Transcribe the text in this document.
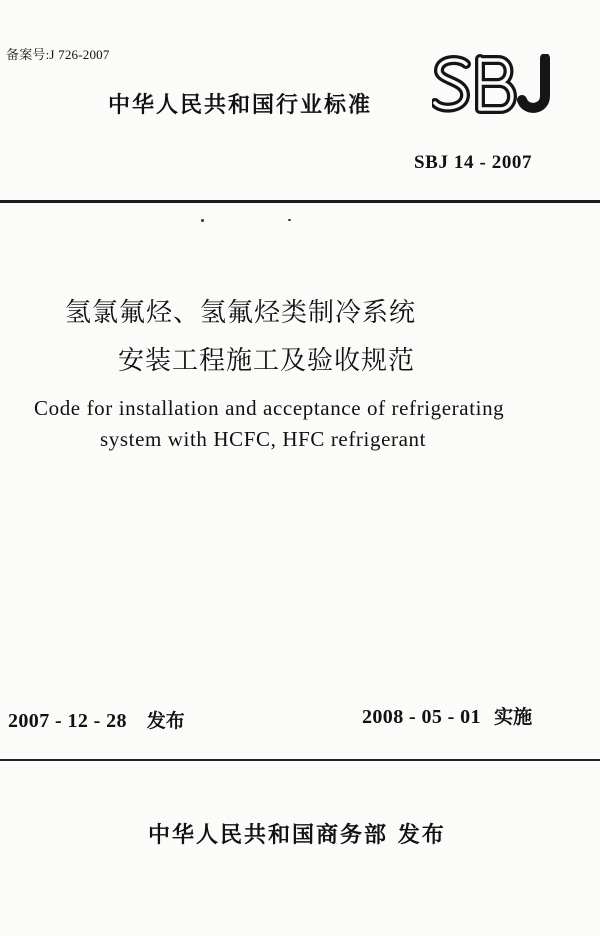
备案号:J 726-2007
中华人民共和国行业标准
SBJ 14 - 2007
氢氯氟烃、氢氟烃类制冷系统
安装工程施工及验收规范
Code for installation and acceptance of refrigerating
system with HCFC, HFC refrigerant
2007 - 12 - 28 发布	2008 - 05 - 01 实施
中华人民共和国商务部 发布
